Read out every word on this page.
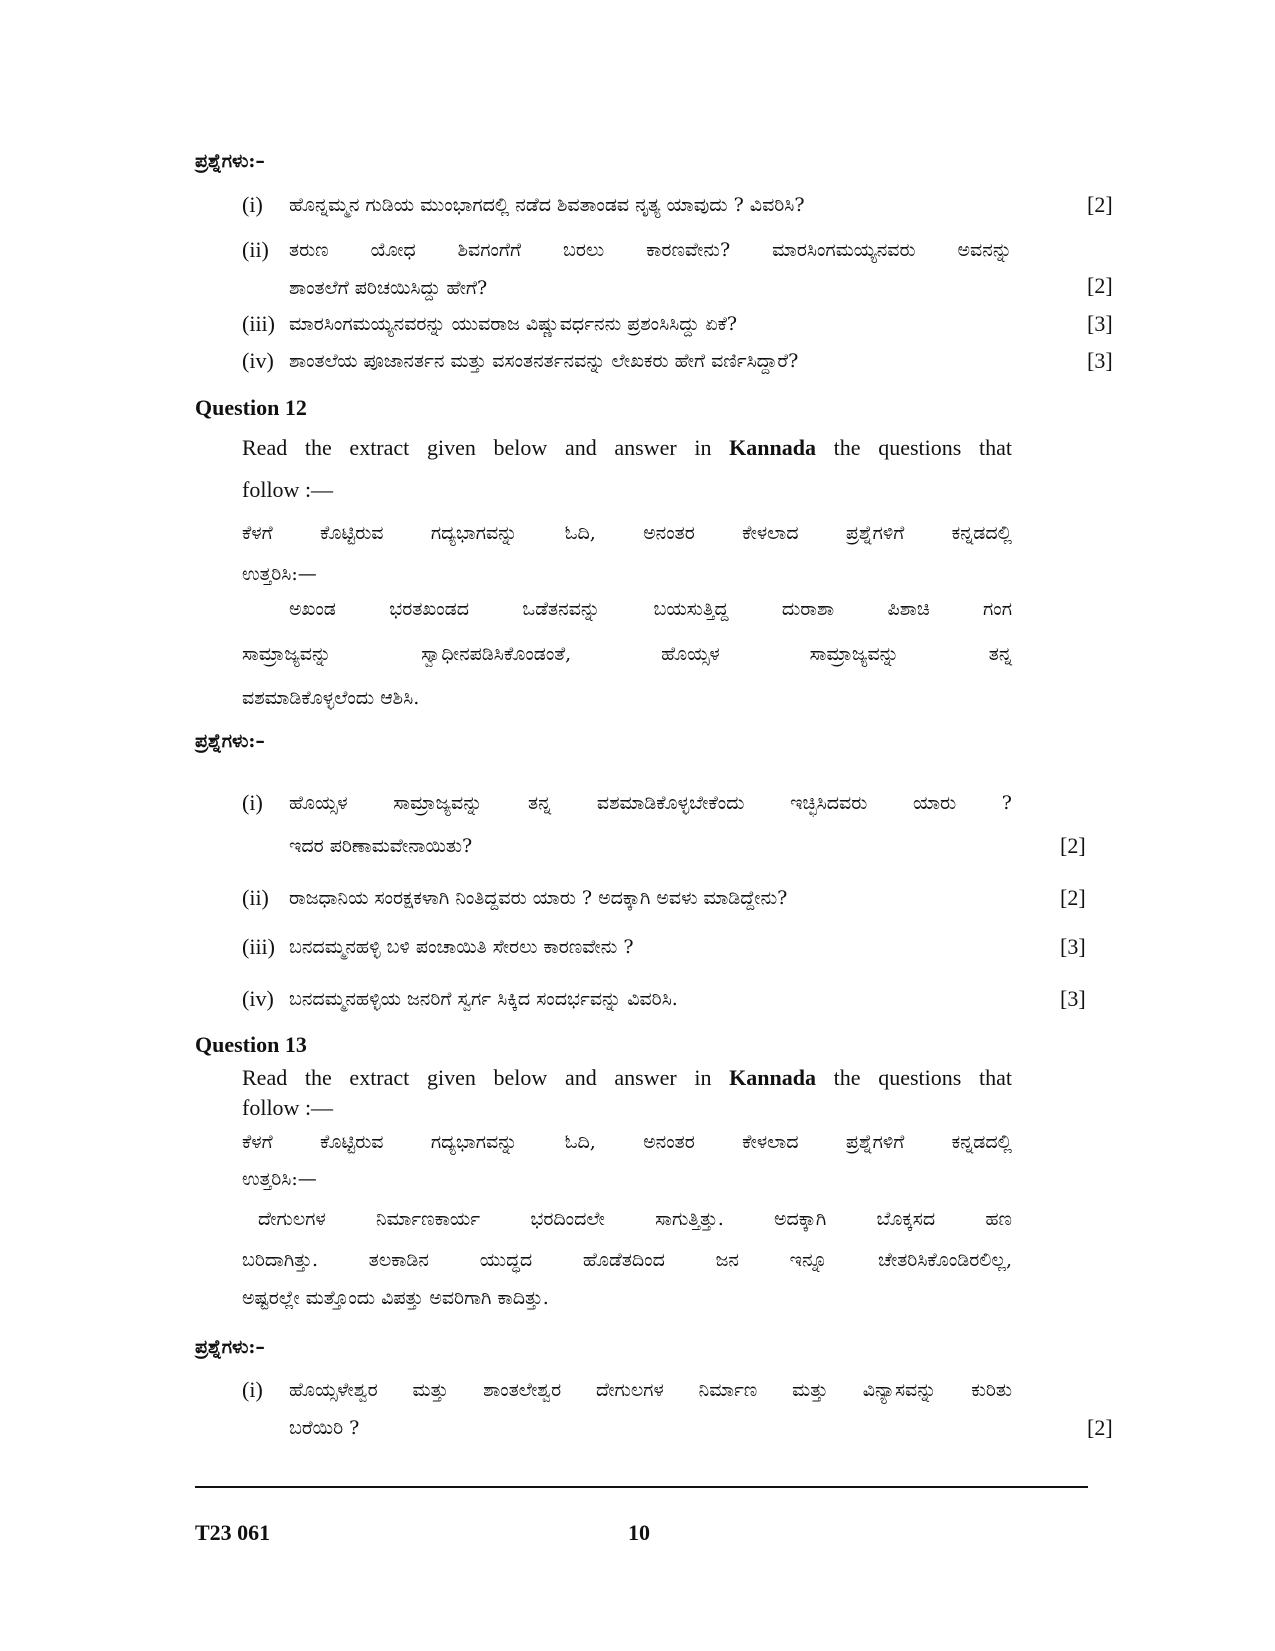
ಪ್ರಶ್ನೆಗಳು:–
(i) ಹೊನ್ನಮ್ಮನ ಗುಡಿಯ ಮುಂಭಾಗದಲ್ಲಿ ನಡೆದ ಶಿವತಾಂಡವ ನೃತ್ಯ ಯಾವುದು ? ವಿವರಿಸಿ?	[2]
(ii) ತರುಣ ಯೋಧ ಶಿವಗಂಗೆಗೆ ಬರಲು ಕಾರಣವೇನು? ಮಾರಸಿಂಗಮಯ್ಯನವರು ಅವನನ್ನು
ಶಾಂತಲೆಗೆ ಪರಿಚಯಿಸಿದ್ದು ಹೇಗೆ?	[2]
(iii) ಮಾರಸಿಂಗಮಯ್ಯನವರನ್ನು ಯುವರಾಜ ವಿಷ್ಣುವರ್ಧನನು ಪ್ರಶಂಸಿಸಿದ್ದು ಏಕೆ?	[3]
(iv) ಶಾಂತಲೆಯ ಪೂಜಾನರ್ತನ ಮತ್ತು ವಸಂತನರ್ತನವನ್ನು ಲೇಖಕರು ಹೇಗೆ ವರ್ಣಿಸಿದ್ದಾರೆ?	[3]
Question 12
Read the extract given below and answer in Kannada the questions that
follow :—
ಕೆಳಗೆ ಕೊಟ್ಟಿರುವ ಗದ್ಯಭಾಗವನ್ನು ಓದಿ, ಅನಂತರ ಕೇಳಲಾದ ಪ್ರಶ್ನೆಗಳಿಗೆ ಕನ್ನಡದಲ್ಲಿ
ಉತ್ತರಿಸಿ:—
ಅಖಂಡ ಭರತಖಂಡದ ಒಡೆತನವನ್ನು ಬಯಸುತ್ತಿದ್ದ ದುರಾಶಾ ಪಿಶಾಚಿ ಗಂಗ
ಸಾಮ್ರಾಜ್ಯವನ್ನು ಸ್ವಾಧೀನಪಡಿಸಿಕೊಂಡಂತೆ, ಹೊಯ್ಸಳ ಸಾಮ್ರಾಜ್ಯವನ್ನು ತನ್ನ
ವಶಮಾಡಿಕೊಳ್ಳಲೆಂದು ಆಶಿಸಿ.
ಪ್ರಶ್ನೆಗಳು:–
(i) ಹೊಯ್ಸಳ ಸಾಮ್ರಾಜ್ಯವನ್ನು ತನ್ನ ವಶಮಾಡಿಕೊಳ್ಳಬೇಕೆಂದು ಇಚ್ಛಿಸಿದವರು ಯಾರು ?
ಇದರ ಪರಿಣಾಮವೇನಾಯಿತು?	[2]
(ii) ರಾಜಧಾನಿಯ ಸಂರಕ್ಷಕಳಾಗಿ ನಿಂತಿದ್ದವರು ಯಾರು ? ಅದಕ್ಕಾಗಿ ಅವಳು ಮಾಡಿದ್ದೇನು?	[2]
(iii) ಬನದಮ್ಮನಹಳ್ಳಿ ಬಳಿ ಪಂಚಾಯಿತಿ ಸೇರಲು ಕಾರಣವೇನು ?	[3]
(iv) ಬನದಮ್ಮನಹಳ್ಳಿಯ ಜನರಿಗೆ ಸ್ವರ್ಗ ಸಿಕ್ಕಿದ ಸಂದರ್ಭವನ್ನು ವಿವರಿಸಿ.	[3]
Question 13
Read the extract given below and answer in Kannada the questions that
follow :—
ಕೆಳಗೆ ಕೊಟ್ಟಿರುವ ಗದ್ಯಭಾಗವನ್ನು ಓದಿ, ಅನಂತರ ಕೇಳಲಾದ ಪ್ರಶ್ನೆಗಳಿಗೆ ಕನ್ನಡದಲ್ಲಿ
ಉತ್ತರಿಸಿ:—
ದೇಗುಲಗಳ ನಿರ್ಮಾಣಕಾರ್ಯ ಭರದಿಂದಲೇ ಸಾಗುತ್ತಿತ್ತು. ಅದಕ್ಕಾಗಿ ಬೊಕ್ಕಸದ ಹಣ
ಬರಿದಾಗಿತ್ತು. ತಲಕಾಡಿನ ಯುದ್ಧದ ಹೊಡೆತದಿಂದ ಜನ ಇನ್ನೂ ಚೇತರಿಸಿಕೊಂಡಿರಲಿಲ್ಲ,
ಅಷ್ಟರಲ್ಲೇ ಮತ್ತೊಂದು ವಿಪತ್ತು ಅವರಿಗಾಗಿ ಕಾದಿತ್ತು.
ಪ್ರಶ್ನೆಗಳು:–
(i) ಹೊಯ್ಸಳೇಶ್ವರ ಮತ್ತು ಶಾಂತಲೇಶ್ವರ ದೇಗುಲಗಳ ನಿರ್ಮಾಣ ಮತ್ತು ವಿನ್ಯಾಸವನ್ನು ಕುರಿತು
ಬರೆಯಿರಿ ?	[2]
T23 061	10
